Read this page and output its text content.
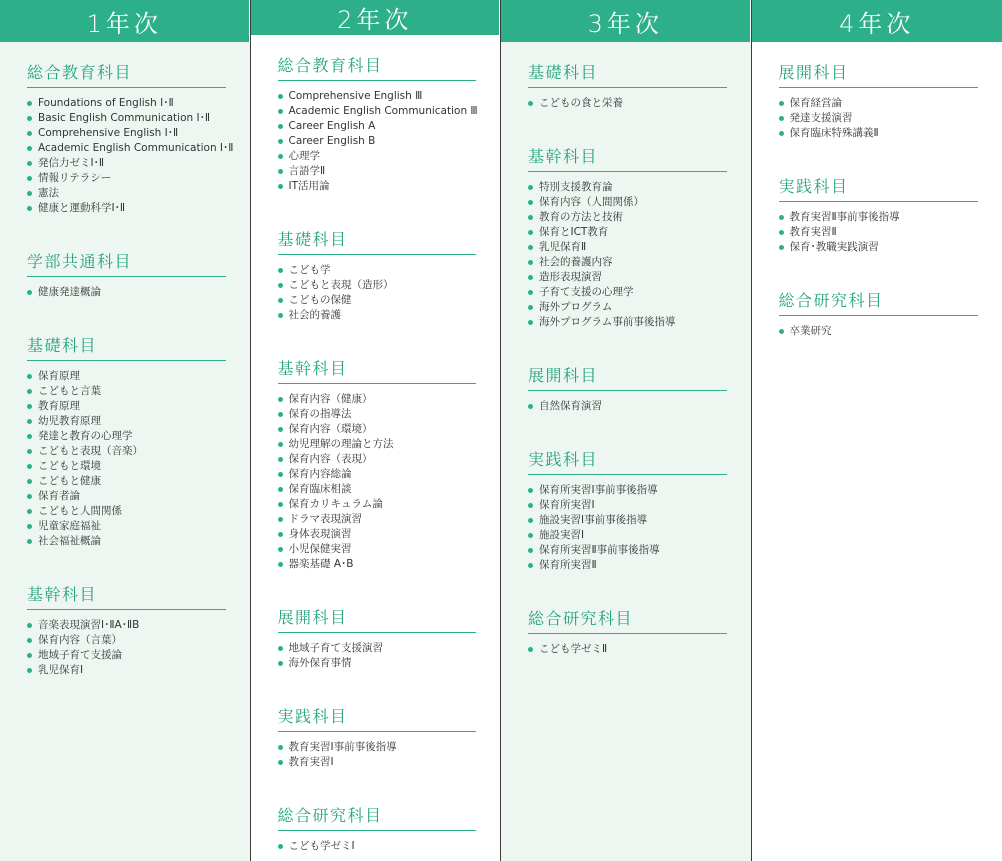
1年次
総合教育科目
Foundations of English Ⅰ･Ⅱ
Basic English Communication Ⅰ･Ⅱ
Comprehensive English Ⅰ･Ⅱ
Academic English Communication Ⅰ･Ⅱ
発信力ゼミⅠ･Ⅱ
情報リテラシー
憲法
健康と運動科学Ⅰ･Ⅱ
学部共通科目
健康発達概論
基礎科目
保育原理
こどもと言葉
教育原理
幼児教育原理
発達と教育の心理学
こどもと表現（音楽）
こどもと環境
こどもと健康
保育者論
こどもと人間関係
児童家庭福祉
社会福祉概論
基幹科目
音楽表現演習Ⅰ･ⅡA･ⅡB
保育内容（言葉）
地域子育て支援論
乳児保育Ⅰ
2年次
総合教育科目
Comprehensive English Ⅲ
Academic English Communication Ⅲ
Career English A
Career English B
心理学
言語学Ⅱ
IT活用論
基礎科目
こども学
こどもと表現（造形）
こどもの保健
社会的養護
基幹科目
保育内容（健康）
保育の指導法
保育内容（環境）
幼児理解の理論と方法
保育内容（表現）
保育内容総論
保育臨床相談
保育カリキュラム論
ドラマ表現演習
身体表現演習
小児保健実習
器楽基礎 A･B
展開科目
地域子育て支援演習
海外保育事情
実践科目
教育実習Ⅰ事前事後指導
教育実習Ⅰ
総合研究科目
こども学ゼミⅠ
3年次
基礎科目
こどもの食と栄養
基幹科目
特別支援教育論
保育内容（人間関係）
教育の方法と技術
保育とICT教育
乳児保育Ⅱ
社会的養護内容
造形表現演習
子育て支援の心理学
海外プログラム
海外プログラム事前事後指導
展開科目
自然保育演習
実践科目
保育所実習Ⅰ事前事後指導
保育所実習Ⅰ
施設実習Ⅰ事前事後指導
施設実習Ⅰ
保育所実習Ⅱ事前事後指導
保育所実習Ⅱ
総合研究科目
こども学ゼミⅡ
4年次
展開科目
保育経営論
発達支援演習
保育臨床特殊講義Ⅱ
実践科目
教育実習Ⅱ事前事後指導
教育実習Ⅱ
保育･教職実践演習
総合研究科目
卒業研究
